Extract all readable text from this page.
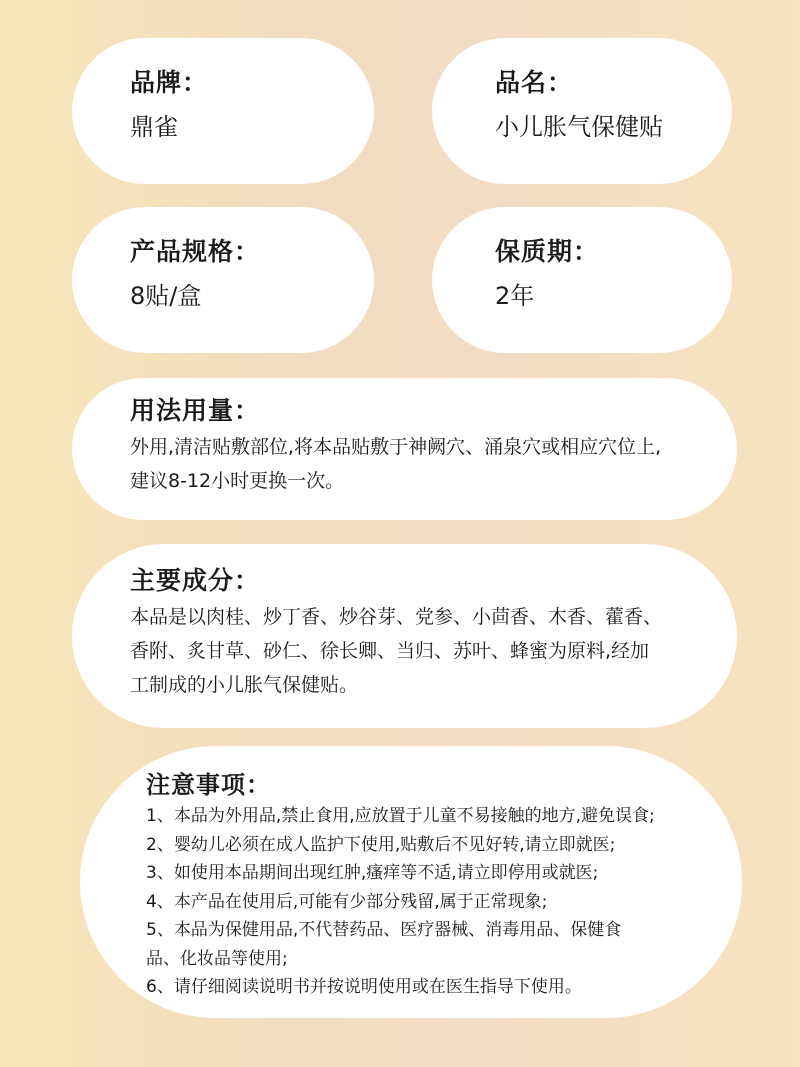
品牌：
鼎雀
品名：
小儿胀气保健贴
产品规格：
8贴/盒
保质期：
2年
用法用量：
外用,清洁贴敷部位,将本品贴敷于神阙穴、涌泉穴或相应穴位上,
建议8-12小时更换一次。
主要成分：
本品是以肉桂、炒丁香、炒谷芽、党参、小茴香、木香、藿香、
香附、炙甘草、砂仁、徐长卿、当归、苏叶、蜂蜜为原料,经加
工制成的小儿胀气保健贴。
注意事项：
1、本品为外用品,禁止食用,应放置于儿童不易接触的地方,避免误食;
2、婴幼儿必须在成人监护下使用,贴敷后不见好转,请立即就医;
3、如使用本品期间出现红肿,瘙痒等不适,请立即停用或就医;
4、本产品在使用后,可能有少部分残留,属于正常现象;
5、本品为保健用品,不代替药品、医疗器械、消毒用品、保健食
品、化妆品等使用;
6、请仔细阅读说明书并按说明使用或在医生指导下使用。
